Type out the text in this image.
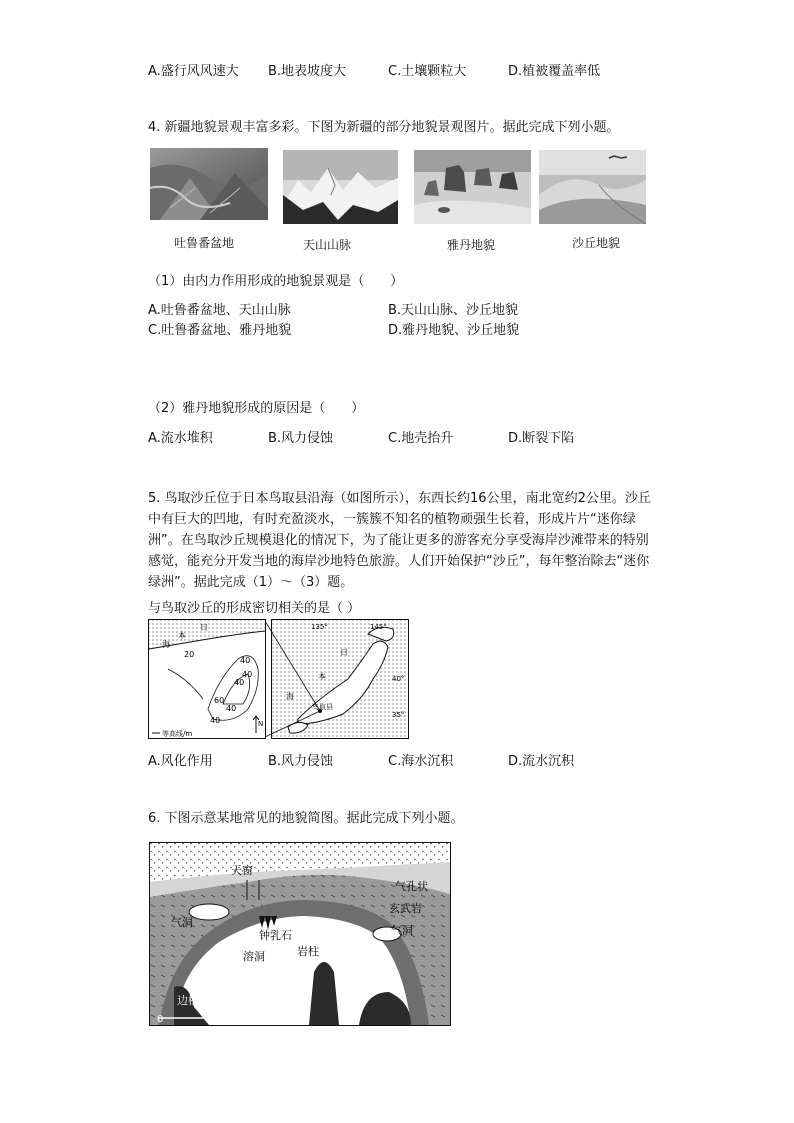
A.盛行风风速大 B.地表坡度大	C.土壤颗粒大	D.植被覆盖率低
4. 新疆地貌景观丰富多彩。下图为新疆的部分地貌景观图片。据此完成下列小题。
吐鲁番盆地	天山山脉	雅丹地貌	沙丘地貌
（1）由内力作用形成的地貌景观是（　　）
A.吐鲁番盆地、天山山脉	B.天山山脉、沙丘地貌
C.吐鲁番盆地、雅丹地貌	D.雅丹地貌、沙丘地貌
（2）雅丹地貌形成的原因是（　　）
A.流水堆积	B.风力侵蚀	C.地壳抬升	D.断裂下陷
5. 鸟取沙丘位于日本鸟取县沿海（如图所示），东西长约16公里，南北宽约2公里。沙丘中有巨大的凹地，有时充盈淡水，一簇簇不知名的植物顽强生长着，形成片片“迷你绿洲”。在鸟取沙丘规模退化的情况下，为了能让更多的游客充分享受海岸沙滩带来的特别感觉，能充分开发当地的海岸沙地特色旅游。人们开始保护“沙丘”，每年整治除去“迷你绿洲”。据此完成（1）～（3）题。
与鸟取沙丘的形成密切相关的是（ ）
日
本
海
20
40
40
40
60
40
40	N
等高线/m
135°	145°
日
本
海
鸟取县
40°
35°
A.风化作用	B.风力侵蚀	C.海水沉积	D.流水沉积
6. 下图示意某地常见的地貌简图。据此完成下列小题。
天窗
气孔状
玄武岩
气洞
气洞
钟乳石
溶洞	岩柱
边槽
0	5m
